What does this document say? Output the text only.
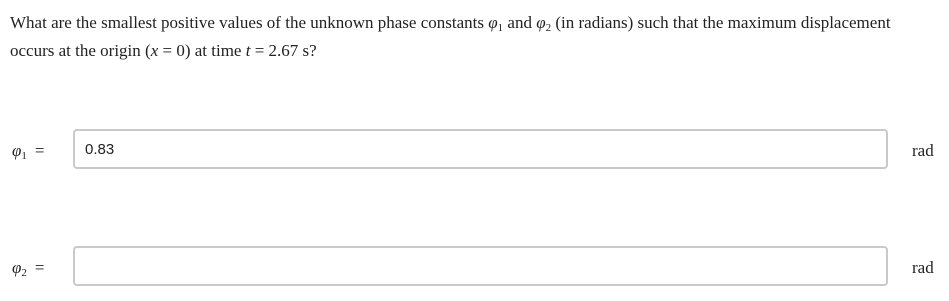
What are the smallest positive values of the unknown phase constants $\varphi_1$ and $\varphi_2$ (in radians) such that the maximum displacement occurs at the origin (x = 0) at time t = 2.67 s?
$\varphi_1$ =
0.83	rad
$\varphi_2$ =	rad
